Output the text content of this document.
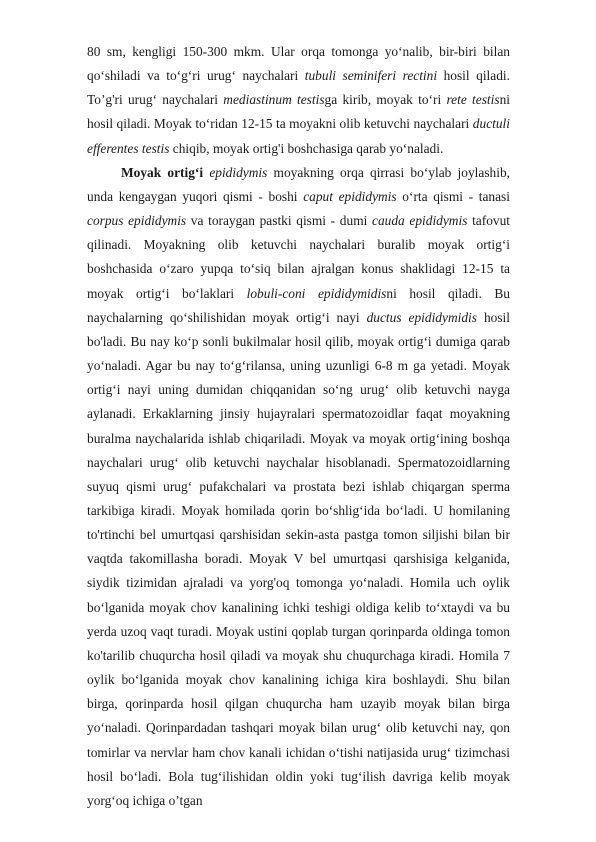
80 sm, kengligi 150-300 mkm. Ular orqa tomonga yo‘nalib, bir-biri bilan qo‘shiladi va to‘g‘ri urug‘ naychalari tubuli seminiferi rectini hosil qiladi. To’g'ri urug‘ naychalari mediastinum testisga kirib, moyak to‘ri rete testisni hosil qiladi. Moyak to‘ridan 12-15 ta moyakni olib ketuvchi naychalari ductuli efferentes testis chiqib, moyak ortig'i boshchasiga qarab yo‘naladi.

Moyak ortig‘i epididymis moyakning orqa qirrasi bo‘ylab joylashib, unda kengaygan yuqori qismi - boshi caput epididymis o‘rta qismi - tanasi corpus epididymis va toraygan pastki qismi - dumi cauda epididymis tafovut qilinadi. Moyakning olib ketuvchi naychalari buralib moyak ortig‘i boshchasida o‘zaro yupqa to‘siq bilan ajralgan konus shaklidagi 12-15 ta moyak ortig‘i bo‘laklari lobuli-coni epididymidisni hosil qiladi. Bu naychalarning qo‘shilishidan moyak ortig‘i nayi ductus epididymidis hosil bo'ladi. Bu nay ko‘p sonli bukilmalar hosil qilib, moyak ortig‘i dumiga qarab yo‘naladi. Agar bu nay to‘g‘rilansa, uning uzunligi 6-8 m ga yetadi. Moyak ortig‘i nayi uning dumidan chiqqanidan so‘ng urug‘ olib ketuvchi nayga aylanadi. Erkaklarning jinsiy hujayralari spermatozoidlar faqat moyakning buralma naychalarida ishlab chiqariladi. Moyak va moyak ortig‘ining boshqa naychalari urug‘ olib ketuvchi naychalar hisoblanadi. Spermatozoidlarning suyuq qismi urug‘ pufakchalari va prostata bezi ishlab chiqargan sperma tarkibiga kiradi. Moyak homilada qorin bo‘shlig‘ida bo‘ladi. U homilaning to'rtinchi bel umurtqasi qarshisidan sekin-asta pastga tomon siljishi bilan bir vaqtda takomillasha boradi. Moyak V bel umurtqasi qarshisiga kelganida, siydik tizimidan ajraladi va yorg'oq tomonga yo‘naladi. Homila uch oylik bo‘lganida moyak chov kanalining ichki teshigi oldiga kelib to‘xtaydi va bu yerda uzoq vaqt turadi. Moyak ustini qoplab turgan qorinparda oldinga tomon ko'tarilib chuqurcha hosil qiladi va moyak shu chuqurchaga kiradi. Homila 7 oylik bo‘lganida moyak chov kanalining ichiga kira boshlaydi. Shu bilan birga, qorinparda hosil qilgan chuqurcha ham uzayib moyak bilan birga yo‘naladi. Qorinpardadan tashqari moyak bilan urug‘ olib ketuvchi nay, qon tomirlar va nervlar ham chov kanali ichidan o‘tishi natijasida urug‘ tizimchasi hosil bo‘ladi. Bola tug‘ilishidan oldin yoki tug‘ilish davriga kelib moyak yorg‘oq ichiga o’tgan
